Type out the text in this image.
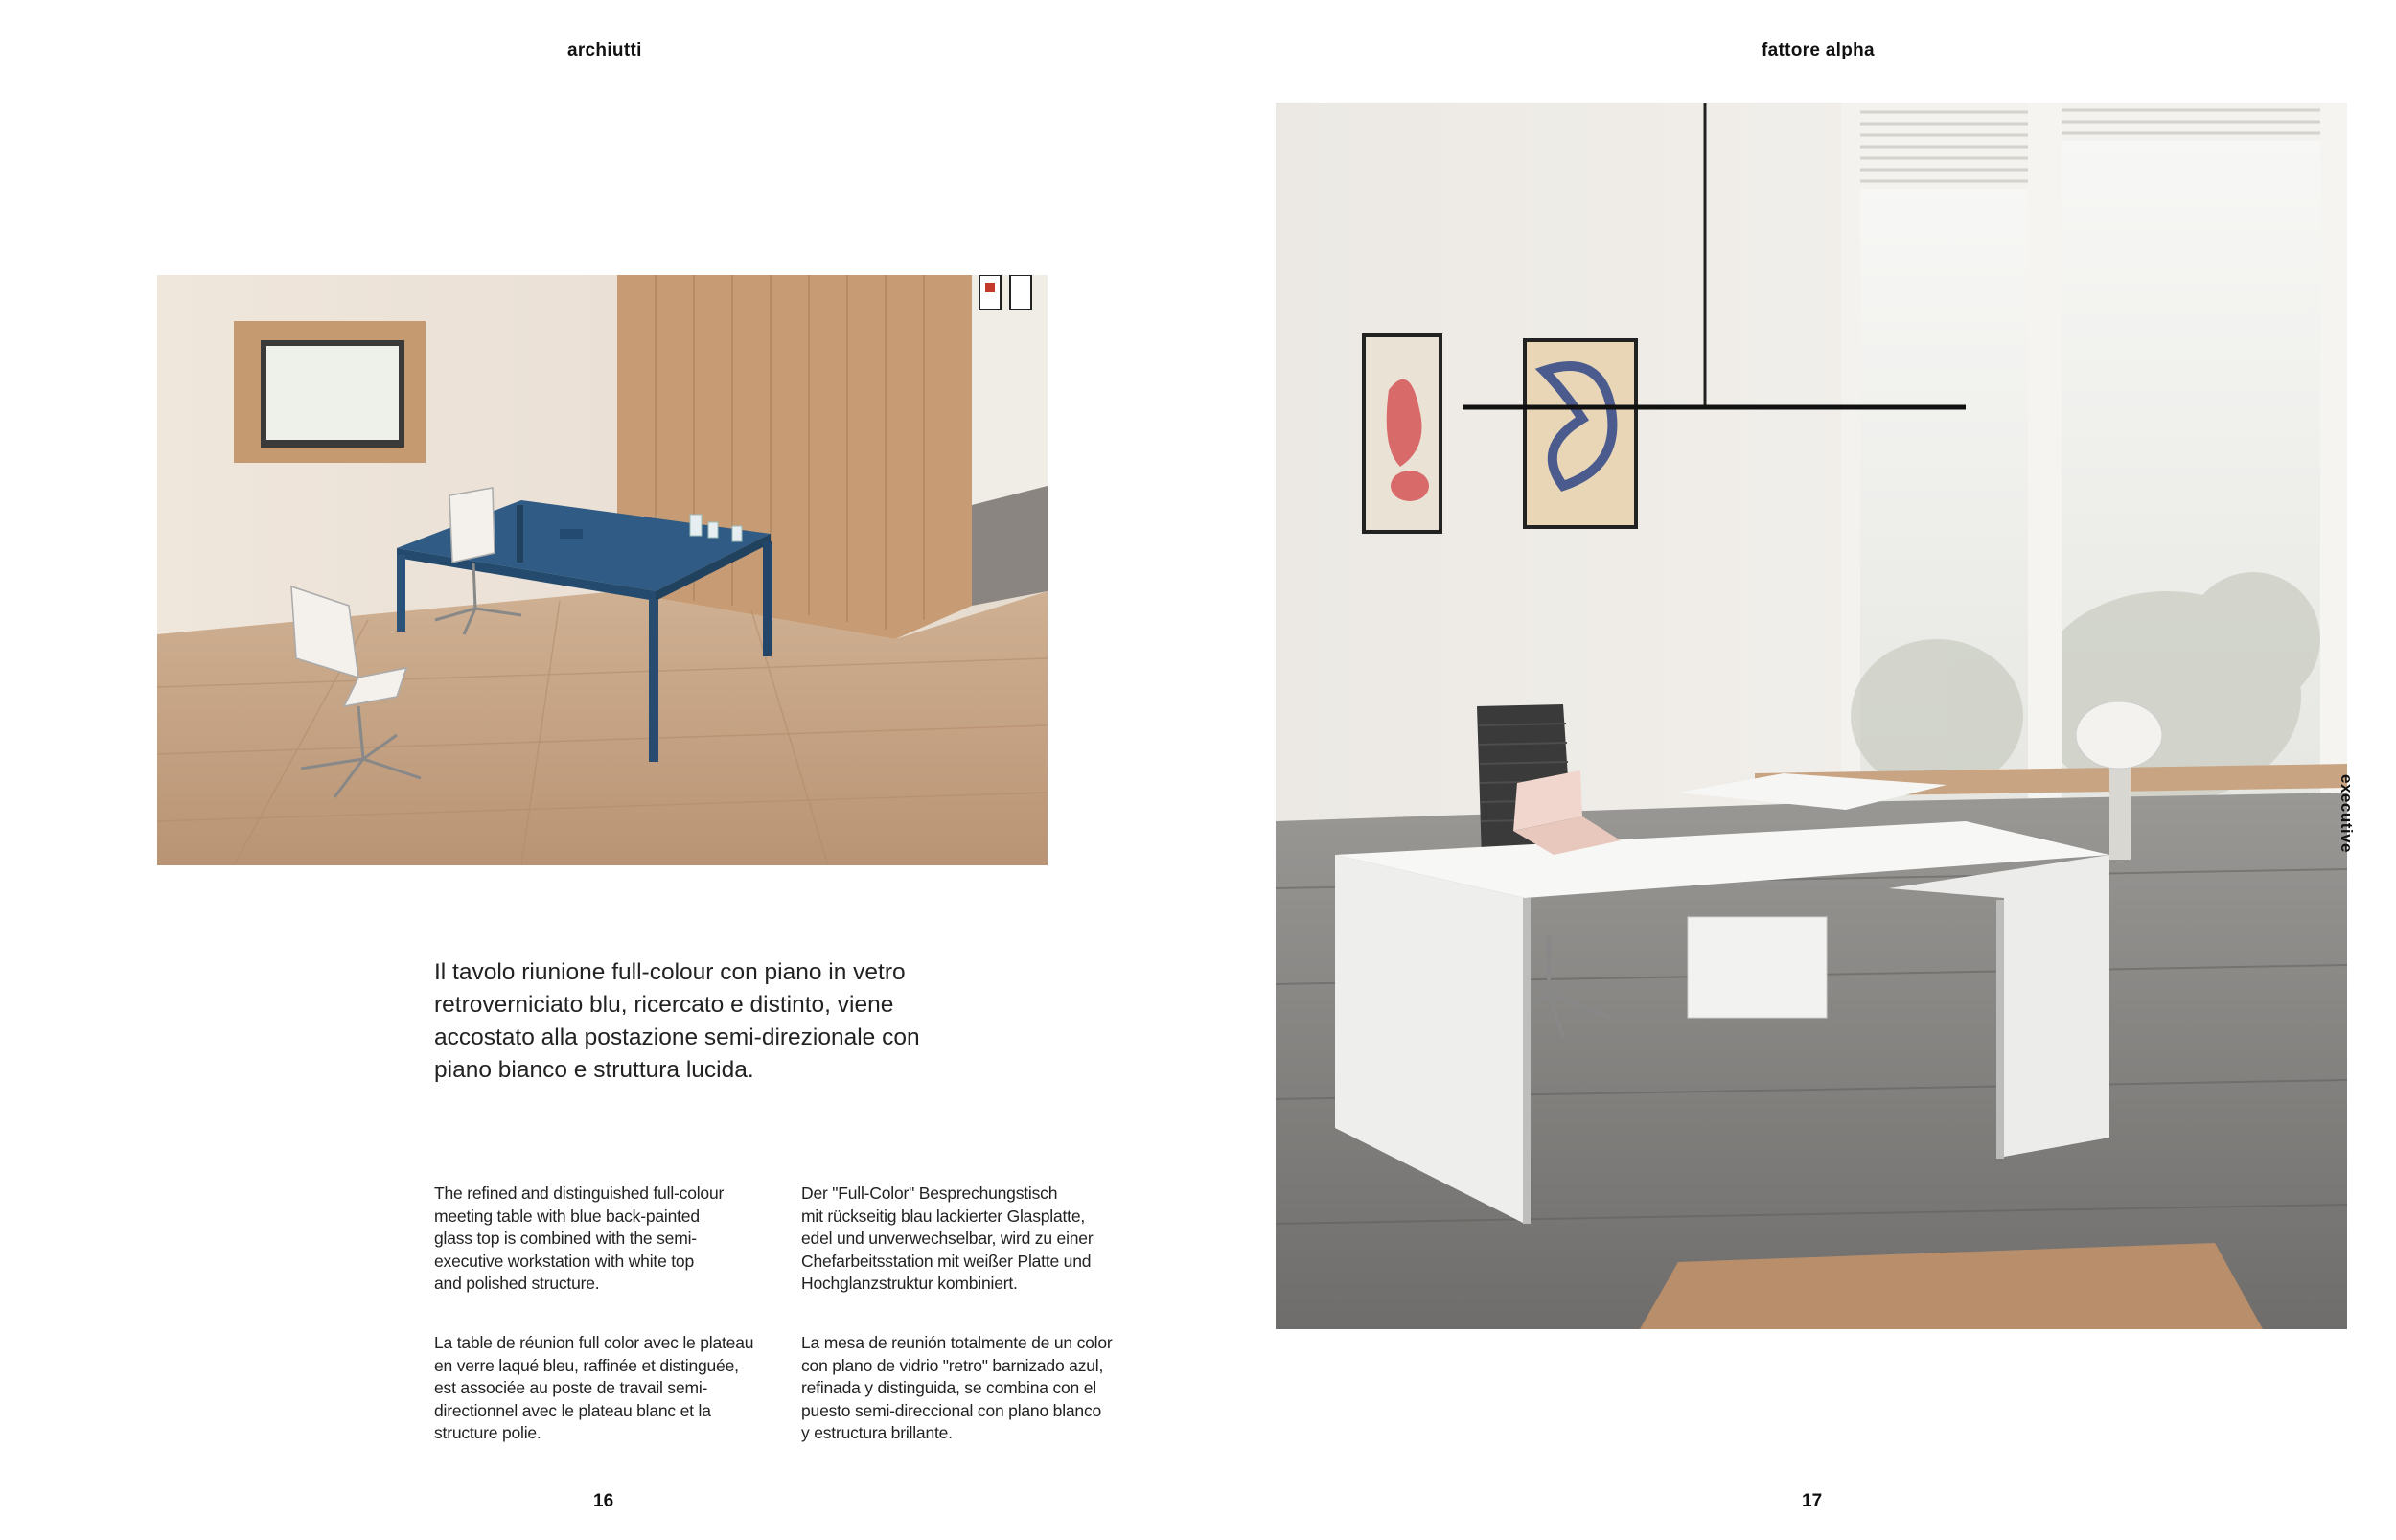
archiutti	fattore alpha
executive
Il tavolo riunione full-colour con piano in vetro retroverniciato blu, ricercato e distinto, viene accostato alla postazione semi-direzionale con piano bianco e struttura lucida.
The refined and distinguished full-colour
meeting table with blue back-painted
glass top is combined with the semi-
executive workstation with white top
and polished structure.
Der "Full-Color" Besprechungstisch
mit rückseitig blau lackierter Glasplatte,
edel und unverwechselbar, wird zu einer
Chefarbeitsstation mit weißer Platte und
Hochglanzstruktur kombiniert.
La table de réunion full color avec le plateau
en verre laqué bleu, raffinée et distinguée,
est associée au poste de travail semi-
directionnel avec le plateau blanc et la
structure polie.
La mesa de reunión totalmente de un color
con plano de vidrio "retro" barnizado azul,
refinada y distinguida, se combina con el
puesto semi-direccional con plano blanco
y estructura brillante.
16	17
